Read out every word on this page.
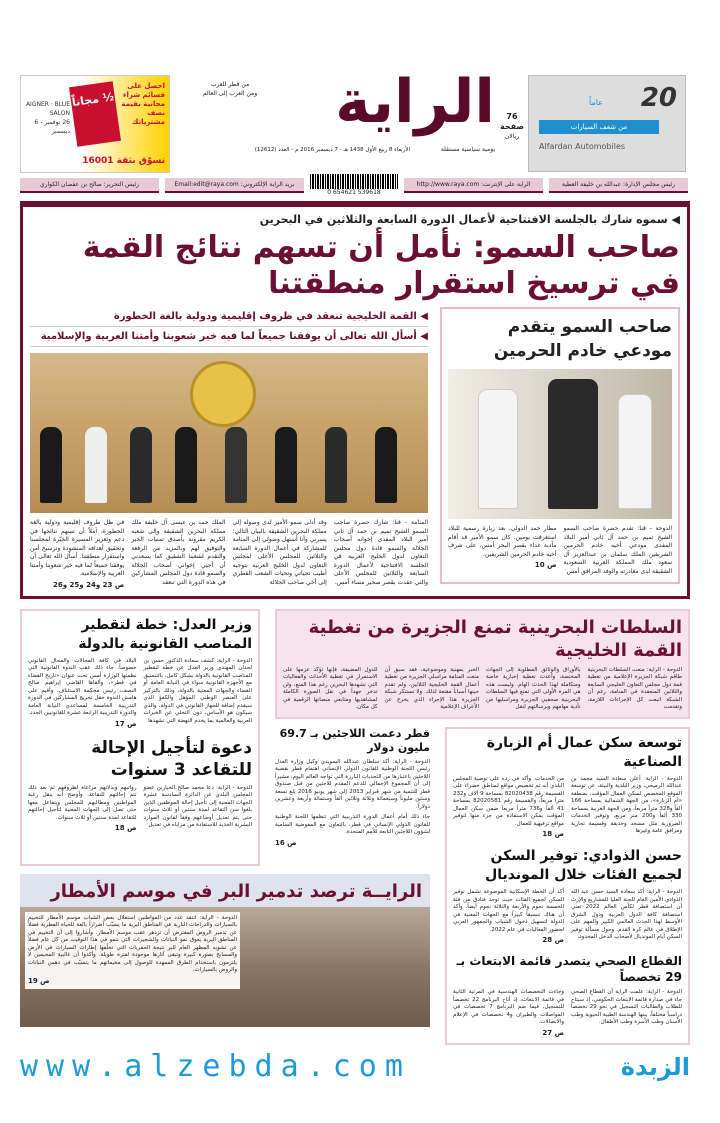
AIGNER · BLUE SALON
26 نوفمبر - 6 ديسمبر
½ مجاناً
احصل على قسائم شراء مجانية بقيمة نصف مشترياتك
تسوّق بثقة 16001
الراية
من قطر للعرب
ومن العرب إلى العالم
الأربعاء 8 ربيع الأول 1438 هـ - 7 ديسمبر 2016 م - العدد (12612)	يومية سياسية مستقلة
76
صفحة
ريالان
20
عاماً
من شغف السيارات
Alfardan Automobiles
رئيس مجلس الإدارة: عبدالله بن خليفة العطية
الراية على الإنترنت: http://www.raya.com
0 654621 539618
بريد الراية الإلكتروني: Email:edit@raya.com
رئيس التحرير: صالح بن عفصان الكواري
◀ سموه شارك بالجلسة الافتتاحية لأعمال الدورة السابعة والثلاثين في البحرين
صاحب السمو: نأمل أن تسهم نتائج القمة في ترسيخ استقرار منطقتنا
صاحب السمو يتقدم
مودعي خادم الحرمين
الدوحة - قنا: تقدم حضرة صاحب السمو الشيخ تميم بن حمد آل ثاني أمير البلاد المفدى مودعي أخيه خادم الحرمين الشريفين الملك سلمان بن عبدالعزيز آل سعود ملك المملكة العربية السعودية الشقيقة لدى مغادرته والوفد المرافق أمس
مطار حمد الدولي، بعد زيارة رسمية للبلاد استغرقت يومين. كان سمو الأمير قد أقام مأدبة غداء بقصر البحر أمس، على شرف أخيه خادم الحرمين الشريفين.
ص 10
◀ القمة الخليجية تنعقد في ظروف إقليمية ودولية بالغة الخطورة
◀ أسأل الله تعالى أن يوفقنا جميعاً لما فيه خير شعوبنا وأمتنا العربية والإسلامية
المنامة - قنا: شارك حضرة صاحب السمو الشيخ تميم بن حمد آل ثاني أمير البلاد المفدى إخوانه أصحاب الجلالة والسمو قادة دول مجلس التعاون لدول الخليج العربية في الجلسة الافتتاحية لأعمال الدورة السابعة والثلاثين للمجلس الأعلى والتي عقدت بقصر صخير مساء أمس.
وقد أدلى سمو الأمير لدى وصوله إلى مملكة البحرين الشقيقة بالبيان التالي: يسرني وأنا أستهل وصولي إلى المنامة للمشاركة في أعمال الدورة السابعة والثلاثين للمجلس الأعلى لمجلس التعاون لدول الخليج العربية بتوجيه أطيب تحياتي وتحيات الشعب القطري إلى أخي صاحب الجلالة
الملك حمد بن عيسى آل خليفة ملك مملكة البحرين الشقيقة وإلى شعبه الكريم مقرونة بأصدق تمنيات الخير والتوفيق لهم وبالمزيد من الرفعة والتقدم لشعبنا الشقيق كما يسعدني أن أحيي إخواني أصحاب الجلالة والسمو قادة دول المجلس المشاركين في هذه الدورة التي تنعقد
في ظل ظروف إقليمية ودولية بالغة الخطورة، آملاً أن تسهم نتائجها في دعم وتعزيز المسيرة الخيّرة لمجلسنا وتحقيق أهدافه المنشودة وترسيخ أمن واستقرار منطقتنا. أسأل الله تعالى أن يوفقنا جميعاً لما فيه خير شعوبنا وأمتنا العربية والإسلامية.
ص 23 و24 و25 و26
وزير العدل: خطة لتقطير المناصب القانونية بالدولة
الدوحة - الراية: كشف سعادة الدكتور حسن بن لحدان المهندي وزير العدل عن خطة لتقطير المناصب القانونية بالدولة بشكل كامل، بالتنسيق مع الأجهزة القانونية سواء في النيابة العامة أو القضاء والجهات المعنية بالدولة، وذلك بالتركيز على العنصر الوطني المؤهل والكفؤ الذي سيقدم إضافة للجهاز القانوني في الدولة، والذي سيكون هو الأساس، دون التخلي عن الخبرات العربية والعالمية بما يخدم النهضة التي تشهدها
البلاد في كافة المجالات والمجال القانوني خصوصاً. جاء ذلك عقب الندوة القانونية التي نظمتها الوزارة أمس تحت عنوان «تاريخ القضاء في قطر»، وألقاها القاضي إبراهيم صالح النصف، رئيس محكمة الاستئناف. وأقيم على هامش الندوة حفل تخريج المشاركين في الدورة التدريبية الخامسة لمساعدي النيابة العامة والدورة التدريبية الرابعة عشرة للقانونيين الجدد.
ص 17
دعوة لتأجيل الإحالة للتقاعد 3 سنوات
الدوحة - الراية: دعا محمد صالح الخيارين عضو المجلس البلدي عن الدائرة السادسة عشرة الجهات المعنية إلى تأجيل إحالة الموظفين الذين بلغوا سن التقاعد لمدة سنتين أو ثلاث سنوات حتى يتم تعديل أوضاعهم وفقاً لقانون الموارد البشرية الجديد للاستفادة من مزاياه في تعديل
رواتبهم وبدلاتهم مراعاة لظروفهم ثم بعد ذلك تتم إحالتهم للتقاعد. وأوضح أنه ينقل رغبة المواطنين ومطالبهم للمجلس ويتفاعل معها حتى تصل إلى الجهات المعنية لتأجيل إحالتهم للتقاعد لمدة سنتين أو ثلاث سنوات.
ص 18
السلطات البحرينية تمنع الجزيرة من تغطية القمة الخليجية
الدوحة - الراية: منعت السلطات البحرينية طاقم شبكة الجزيرة الإعلامية من تغطية قمة دول مجلس التعاون الخليجي السابعة والثلاثين المنعقدة في المنامة، رغم أن الشبكة اتبعت كل الإجراءات اللازمة، وتقدمت
بالأوراق والوثائق المطلوبة إلى الجهات المختصة، وأعدت تغطية إخبارية خاصة ومتكاملة لهذا الحدث الهام. وليست هذه هي المرة الأولى التي تمنع فيها السلطات البحرينية صحفيي الجزيرة ومراسليها من تأدية مهامهم وبرسالتهم لنقل
الخبر بمهنية وموضوعية، فقد سبق أن منعت المنامة مراسلي الجزيرة من تغطية أعمال القمة الخليجية الثلاثين، ولم تقدم حينها أسباباً مقنعة لذلك. ولا تستنكر شبكة الجزيرة هذا الإجراء الذي يخرج عن الأعراف الإعلامية
للدول المضيفة، فإنها تؤكد عزمها على الاستمرار في تغطية الأحداث والفعاليات التي تشهدها البحرين رغم هذا المنع، ولن تدخر جهداً في نقل الصورة الكاملة لمشاهديها ومتابعي منصاتها الرقمية في كل مكان.
قطر دعمت اللاجئين بـ 69.7 مليون دولار

الدوحة - الراية: أكد سلطان عبدالله السويدي وكيل وزارة العدل رئيس اللجنة الوطنية للقانون الدولي الإنساني اهتمام قطر بقضية اللاجئين باعتبارها من التحديات البارزة التي تواجه العالم اليوم، مشيراً إلى أن المجموع الإجمالي للدعم المقدم للاجئين من قبل صندوق قطر للتنمية من شهر فبراير 2013 إلى شهر يونيو 2016 بلغ تسعة وستين مليوناً وسبعمائة وثلاثة وثلاثين ألفاً وستمائة وأربعة وعشرين دولاراً.

جاء ذلك أمام أعمال الدورة التدريبية التي تنظمها اللجنة الوطنية للقانون الدولي الإنساني في قطر، بالتعاون مع المفوضية السامية لشؤون اللاجئين التابعة للأمم المتحدة.

ص 16
توسعة سكن عمال أم الزبارة الصناعية
الدوحة - الراية: أعلن سعادة السيد محمد بن عبدالله الرميحي، وزير البلدية والبيئة، عن توسعة الموقع المخصص لسكن العمال المؤقت، بمنطقة «أم الزبارة»، من الجهة الشمالية بمساحة 166 ألفاً و328 متراً مربعاً، ومن الجهة الغربية بمساحة 330 ألفاً و200 متر مربع، وتوفير الخدمات الضرورية مثل مسجد وحديقة وقسيمة تجارية ومرافق عامة وغيرها
من الخدمات. وأكد في رده على توصية المجلس البلدي أنه تم تخصيص مواقع لمناطق خضراء على القسيمة رقم 82020438 بمساحة 9 آلاف و232 متراً مربعاً، والقسيمة رقم 82020581 بمساحة 41 ألفاً و736 متراً مربعاً ضمن سكن العمال المؤقت يمكن الاستفادة من جزء منها لتوفير مواقع ترفيهية للعمال.
ص 18
حسن الذوادي: توفير السكن
لجميع الفئات خلال المونديال
الدوحة - الراية: أكد سعادة السيد حسن عبد الله الذوادي الأمين العام للجنة العليا للمشاريع والإرث أن استضافة قطر لكأس العالم 2022 تعني استضافة كافة الدول العربية ودول الشرق الأوسط لهذا الحدث العالمي الكبير والمهم على الإطلاق في عالم كرة القدم. وحول مسألة توفير السكن أيام المونديال لأصحاب الدخل المحدود،
أكد أن الخطة الإسكانية الموضوعة تشمل توفير السكن لجميع الفئات حيث توجد فنادق من فئة الخمسة نجوم والأربعة والثلاثة نجوم أيضاً. وأكد أن هناك تنسيقاً كبيراً مع الجهات المعنية في الدولة لتسهيل دخول الشباب والجمهور العربي لحضور الفعاليات في عام 2022.
ص 28
القطاع الصحي يتصدر قائمة الابتعاث بـ 29 تخصصاً
الدوحة - الراية: علمت الراية أن القطاع الصحي جاء في صدارة قائمة الابتعاث الحكومي، إذ سيتاح للطلاب والطالبات التسجيل في نحو 29 تخصصاً دراسياً مختلفاً، بينها الهندسة الطبية الحيوية وطب الأسنان وطب الأسرة وطب الأطفال.
وجاءت التخصصات الهندسية في المرتبة الثانية في قائمة الابتعاث، إذ أتاح البرنامج 22 تخصصاً للتسجيل، فيما ضم البرنامج 7 تخصصات في المواصلات والطيران و4 تخصصات في الإعلام والاتصالات.
ص 27
الرايــة ترصد تدمير البر في موسم الأمطار
الدوحة - الراية: انتقد عدد من المواطنين استغلال بعض الشباب موسم الأمطار للتخييم بالسيارات والدراجات النارية في المناطق البرية ما يسبّب أضراراً بالغة للحياة الفطرية فضلاً عن تدمير الروض المفترض أن تزدهر عقب موسم الأمطار. وأشاروا إلى أن التخييم في المناطق البرية يعوق نمو النباتات والشجيرات التي تنمو في هذا التوقيت من كل عام فضلاً عن تشويه المظهر العام للبر نتيجة الحفريات التي تخلّفها إطارات السيارات في الأرض والمسابح بصورة كبيرة وتبقى آثارها موجودة لفترة طويلة. وأكدوا أن غالبية المخيمين لا يلتزمون باستخدام الطرق الممهدة للوصول إلى مخيماتهم ما يتسبّب في دهس النباتات والروض بالسيارات.
ص 19
www.alzebda.com	الزبدة
